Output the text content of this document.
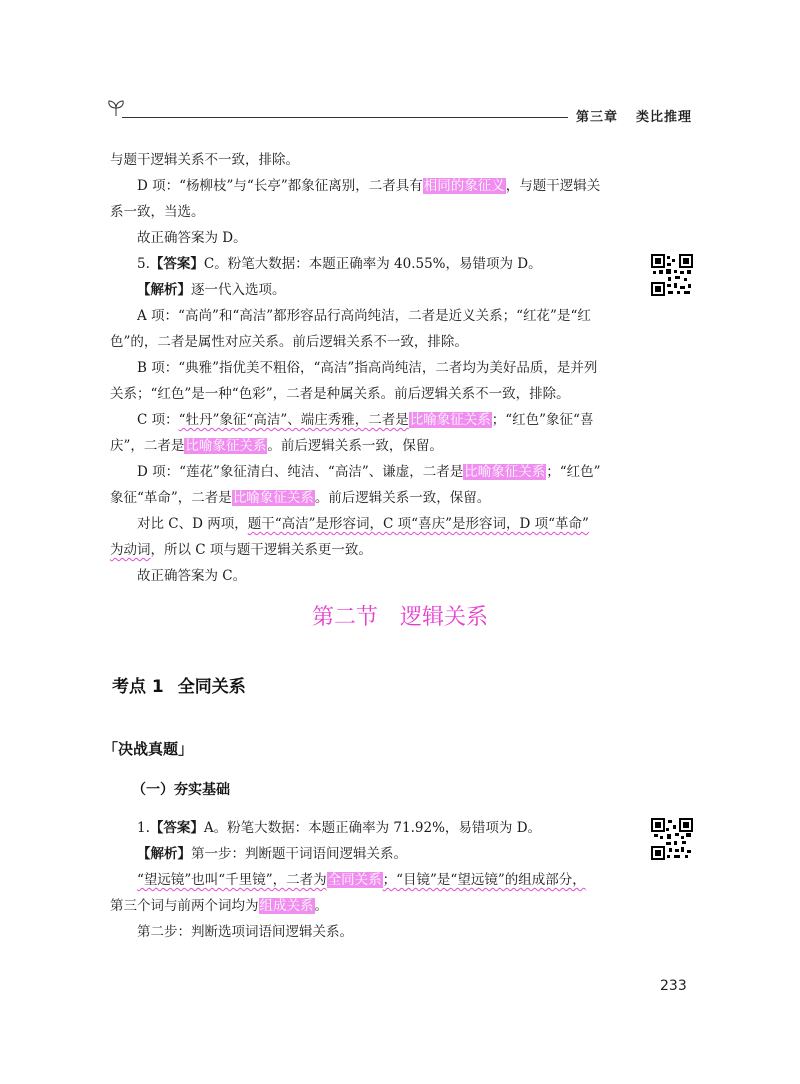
第三章 类比推理
与题干逻辑关系不一致，排除。
D 项：“杨柳枝”与“长亭”都象征离别，二者具有相同的象征义，与题干逻辑关
系一致，当选。
故正确答案为 D。
5.【答案】C。粉笔大数据：本题正确率为 40.55%，易错项为 D。
【解析】逐一代入选项。
A 项：“高尚”和“高洁”都形容品行高尚纯洁，二者是近义关系；“红花”是“红
色”的，二者是属性对应关系。前后逻辑关系不一致，排除。
B 项：“典雅”指优美不粗俗，“高洁”指高尚纯洁，二者均为美好品质，是并列
关系；“红色”是一种“色彩”，二者是种属关系。前后逻辑关系不一致，排除。
C 项：“牡丹”象征“高洁”、端庄秀雅，二者是比喻象征关系；“红色”象征“喜
庆”，二者是比喻象征关系。前后逻辑关系一致，保留。
D 项：“莲花”象征清白、纯洁、“高洁”、谦虚，二者是比喻象征关系；“红色”
象征“革命”，二者是比喻象征关系。前后逻辑关系一致，保留。
对比 C、D 两项，题干“高洁”是形容词，C 项“喜庆”是形容词，D 项“革命”
为动词，所以 C 项与题干逻辑关系更一致。
故正确答案为 C。
第二节 逻辑关系
考点 1 全同关系
「决战真题」
（一）夯实基础
1.【答案】A。粉笔大数据：本题正确率为 71.92%，易错项为 D。
【解析】第一步：判断题干词语间逻辑关系。
“望远镜”也叫“千里镜”，二者为全同关系；“目镜”是“望远镜”的组成部分，
第三个词与前两个词均为组成关系。
第二步：判断选项词语间逻辑关系。
233
